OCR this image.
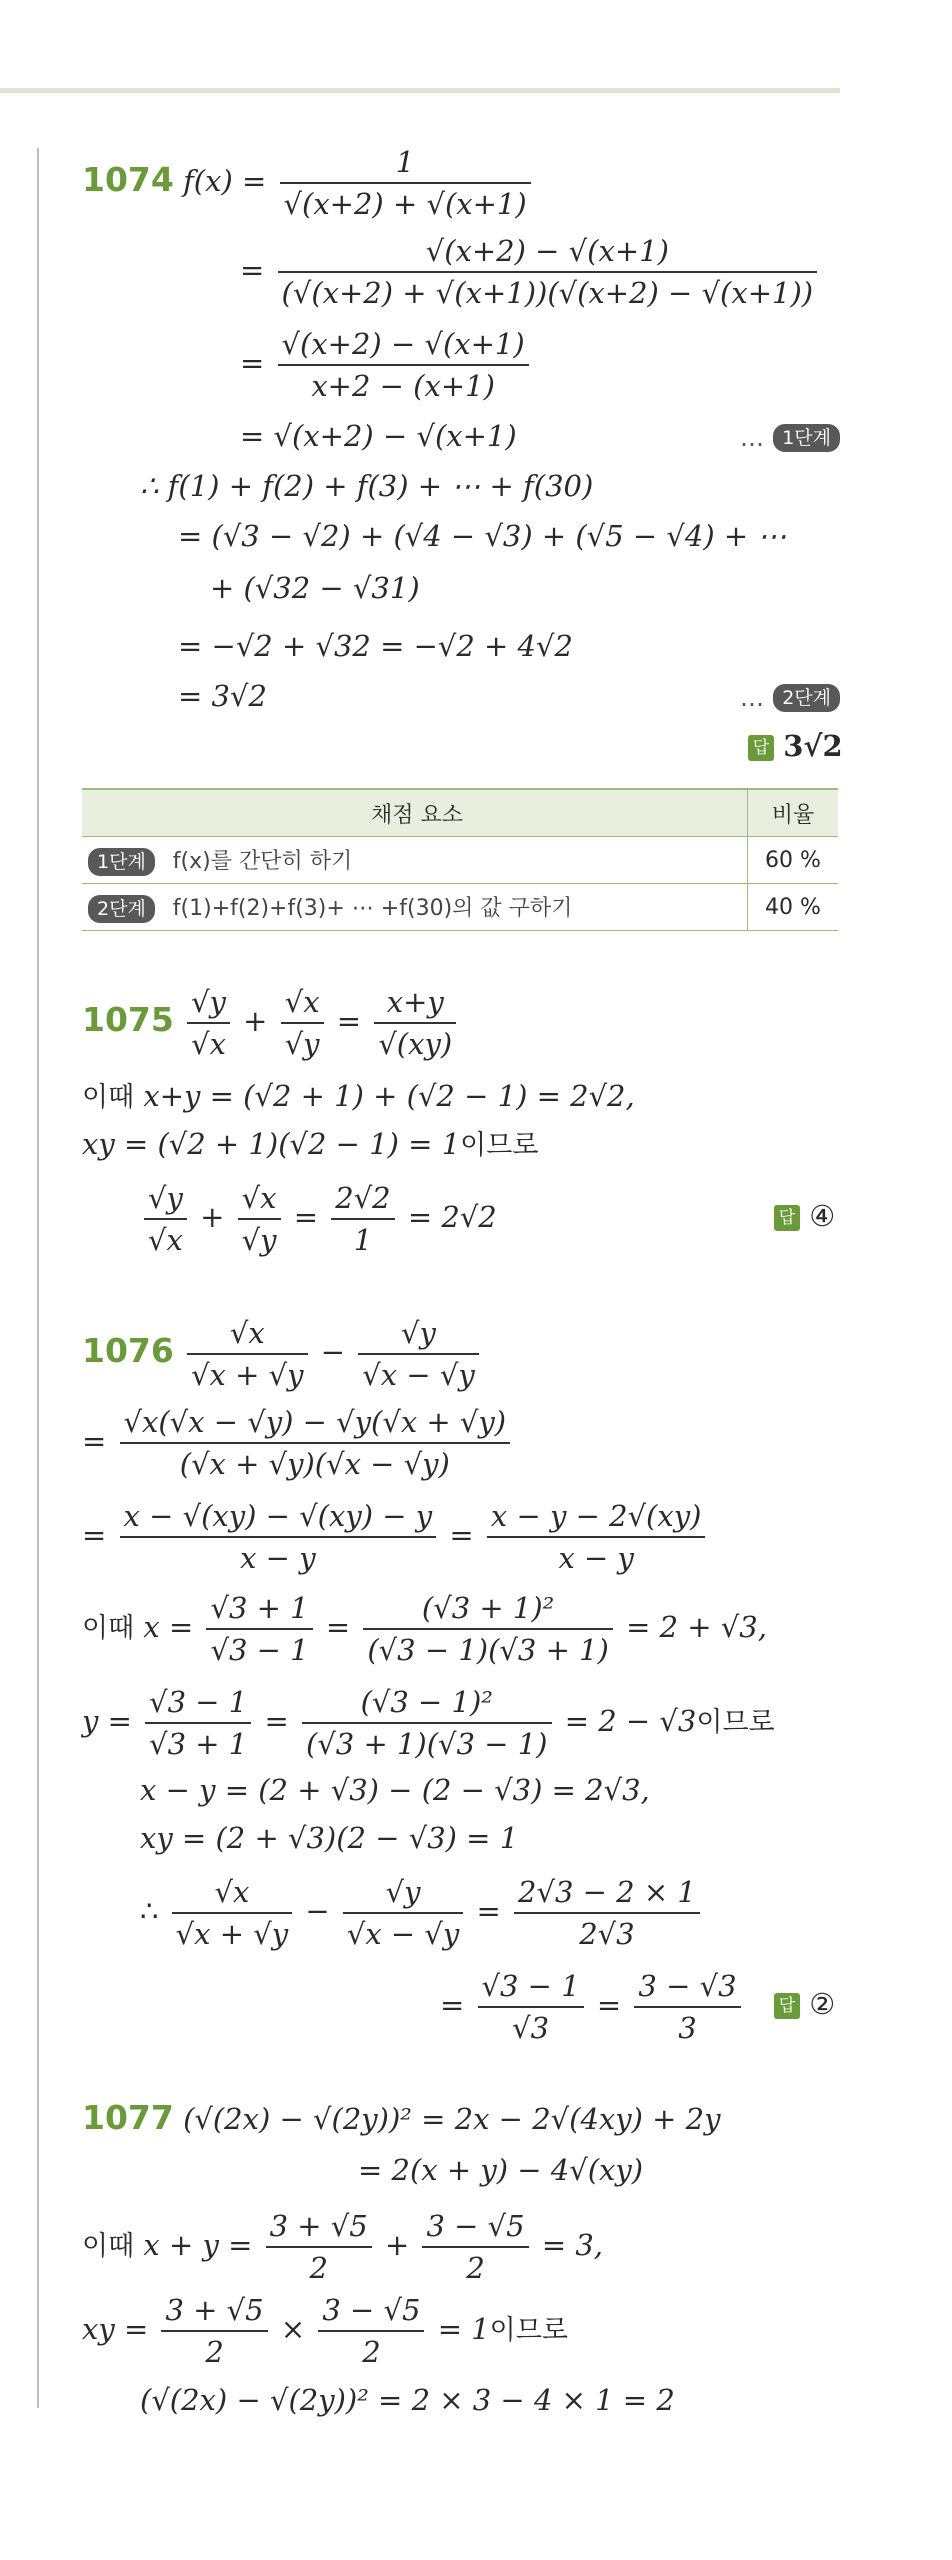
1074 $f(x) = \frac{1}{√(x+2) + √(x+1)}$
= $\frac{√(x+2) - √(x+1)}{(√(x+2) + √(x+1))(√(x+2) - √(x+1))}$
= $\frac{√(x+2) - √(x+1)}{x+2 - (x+1)}$
= √(x+2) − √(x+1)	… 1단계
∴ f(1) + f(2) + f(3) + ⋯ + f(30)
= (√3 − √2) + (√4 − √3) + (√5 − √4) + ⋯
+ (√32 − √31)
= −√2 + √32 = −√2 + 4√2
= 3√2	… 2단계
답 3√2
채점 요소	비율
1단계 f(x)를 간단히 하기	60 %
2단계 f(1)+f(2)+f(3)+ ⋯ +f(30)의 값 구하기	40 %
$1075 \frac{√y}{√x} + \frac{√x}{√y} = \frac{x+y}{√(xy)}$
이때 x+y = (√2 + 1) + (√2 − 1) = 2√2,
xy = (√2 + 1)(√2 − 1) = 1이므로
$\frac{√y}{√x} + \frac{√x}{√y} = \frac{2√2}{1} = 2√2$	답 ④
$1076 \frac{√x}{√x + √y} - \frac{√y}{√x - √y}$
= $\frac{√x(√x - √y) - √y(√x + √y)}{(√x + √y)(√x - √y)}$
= $\frac{x - √(xy) - √(xy) - y}{x - y} = \frac{x - y - 2√(xy)}{x - y}$
이때 $x = \frac{√3 + 1}{√3 - 1} = \frac{\text{(√3 + 1)²}}{(√3 - 1)(√3 + 1)} = 2 + √3$,
$y = \frac{√3 - 1}{√3 + 1} = \frac{\text{(√3 − 1)²}}{(√3 + 1)(√3 - 1)} = 2 - √3$이므로
x − y = (2 + √3) − (2 − √3) = 2√3,
xy = (2 + √3)(2 − √3) = 1
∴ $\frac{√x}{√x + √y} - \frac{√y}{√x - √y} = \frac{2√3 - 2 \times 1}{2√3}$
= $\frac{√3 - 1}{√3} = \frac{3 - √3}{3}$ 답 ②
1077 (√(2x) − √(2y))² = 2x − 2√(4xy) + 2y
= 2(x + y) − 4√(xy)
이때 $x + y = \frac{3 + √5}{2} + \frac{3 - √5}{2} = 3$,
xy = $\frac{3 + √5}{2} \times \frac{3 - √5}{2} = 1$이므로
(√(2x) − √(2y))² = 2 × 3 − 4 × 1 = 2
